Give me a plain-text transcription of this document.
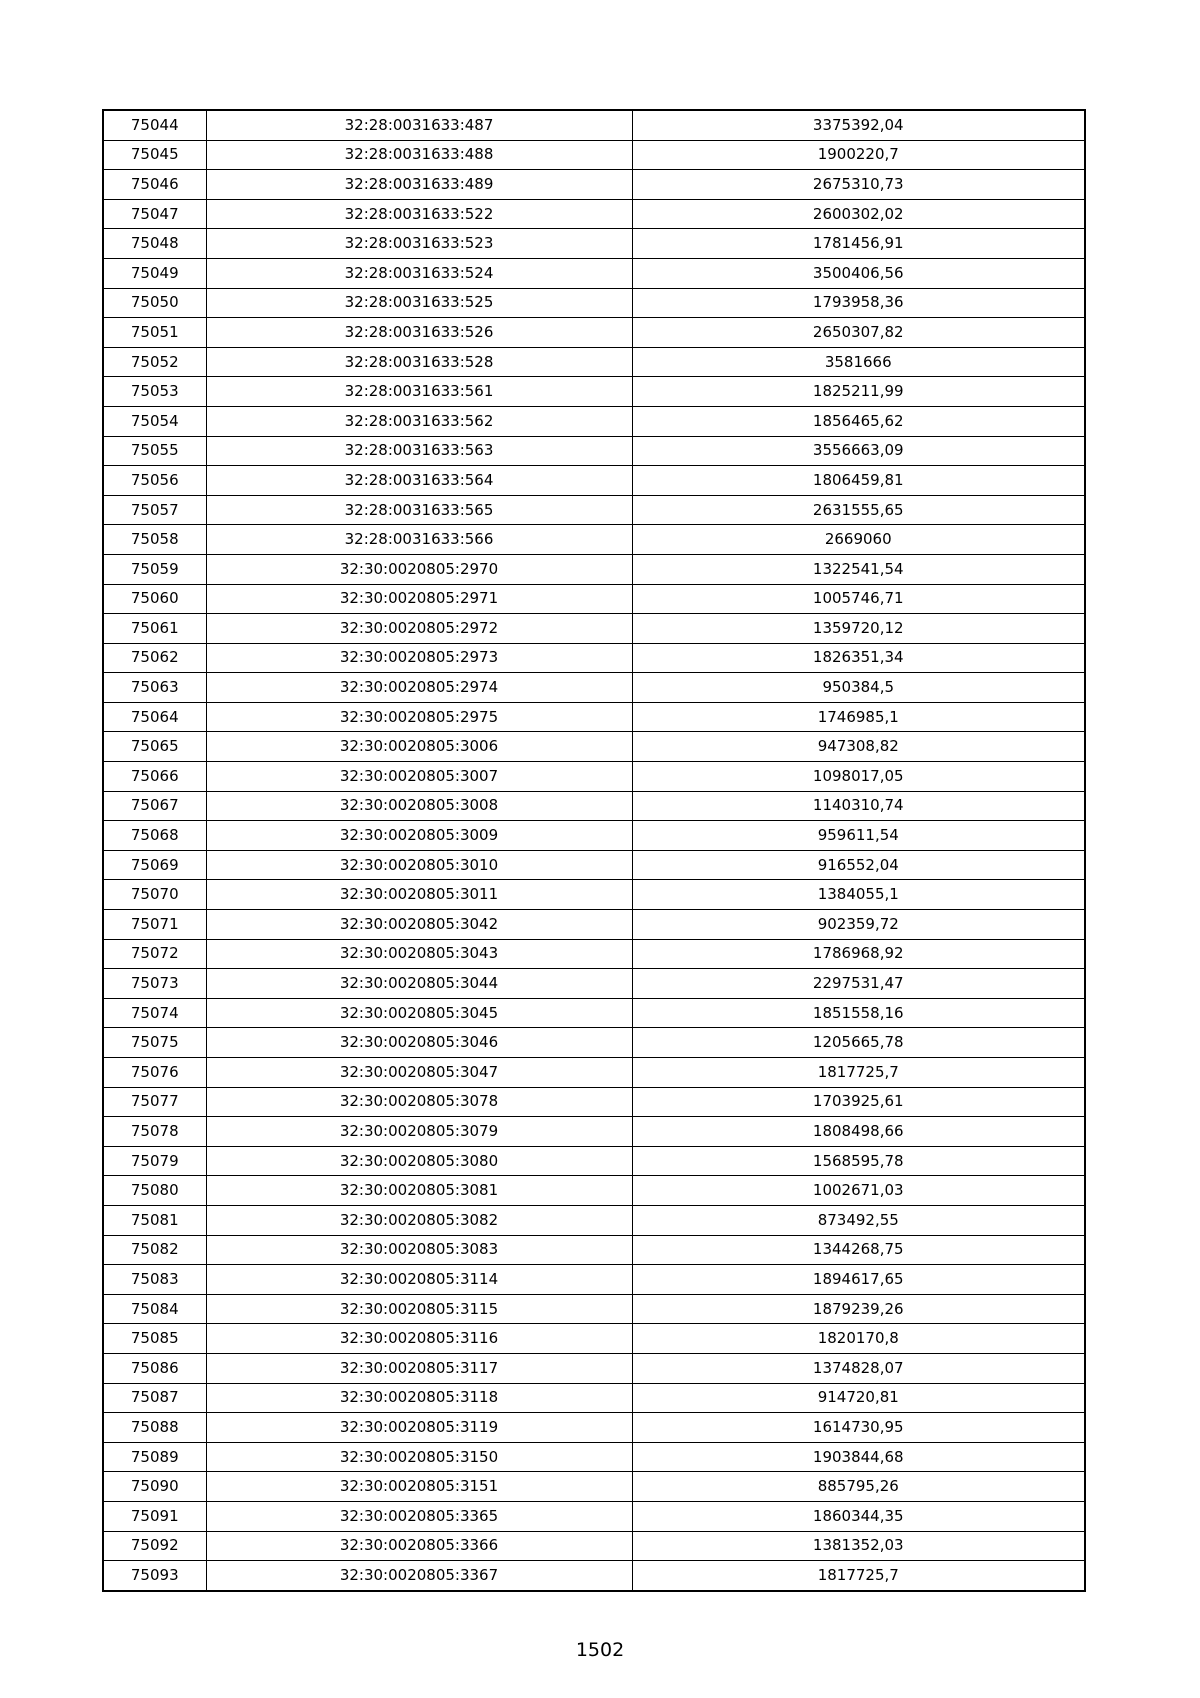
75044	32:28:0031633:487	3375392,04
75045	32:28:0031633:488	1900220,7
75046	32:28:0031633:489	2675310,73
75047	32:28:0031633:522	2600302,02
75048	32:28:0031633:523	1781456,91
75049	32:28:0031633:524	3500406,56
75050	32:28:0031633:525	1793958,36
75051	32:28:0031633:526	2650307,82
75052	32:28:0031633:528	3581666
75053	32:28:0031633:561	1825211,99
75054	32:28:0031633:562	1856465,62
75055	32:28:0031633:563	3556663,09
75056	32:28:0031633:564	1806459,81
75057	32:28:0031633:565	2631555,65
75058	32:28:0031633:566	2669060
75059	32:30:0020805:2970	1322541,54
75060	32:30:0020805:2971	1005746,71
75061	32:30:0020805:2972	1359720,12
75062	32:30:0020805:2973	1826351,34
75063	32:30:0020805:2974	950384,5
75064	32:30:0020805:2975	1746985,1
75065	32:30:0020805:3006	947308,82
75066	32:30:0020805:3007	1098017,05
75067	32:30:0020805:3008	1140310,74
75068	32:30:0020805:3009	959611,54
75069	32:30:0020805:3010	916552,04
75070	32:30:0020805:3011	1384055,1
75071	32:30:0020805:3042	902359,72
75072	32:30:0020805:3043	1786968,92
75073	32:30:0020805:3044	2297531,47
75074	32:30:0020805:3045	1851558,16
75075	32:30:0020805:3046	1205665,78
75076	32:30:0020805:3047	1817725,7
75077	32:30:0020805:3078	1703925,61
75078	32:30:0020805:3079	1808498,66
75079	32:30:0020805:3080	1568595,78
75080	32:30:0020805:3081	1002671,03
75081	32:30:0020805:3082	873492,55
75082	32:30:0020805:3083	1344268,75
75083	32:30:0020805:3114	1894617,65
75084	32:30:0020805:3115	1879239,26
75085	32:30:0020805:3116	1820170,8
75086	32:30:0020805:3117	1374828,07
75087	32:30:0020805:3118	914720,81
75088	32:30:0020805:3119	1614730,95
75089	32:30:0020805:3150	1903844,68
75090	32:30:0020805:3151	885795,26
75091	32:30:0020805:3365	1860344,35
75092	32:30:0020805:3366	1381352,03
75093	32:30:0020805:3367	1817725,7
1502
